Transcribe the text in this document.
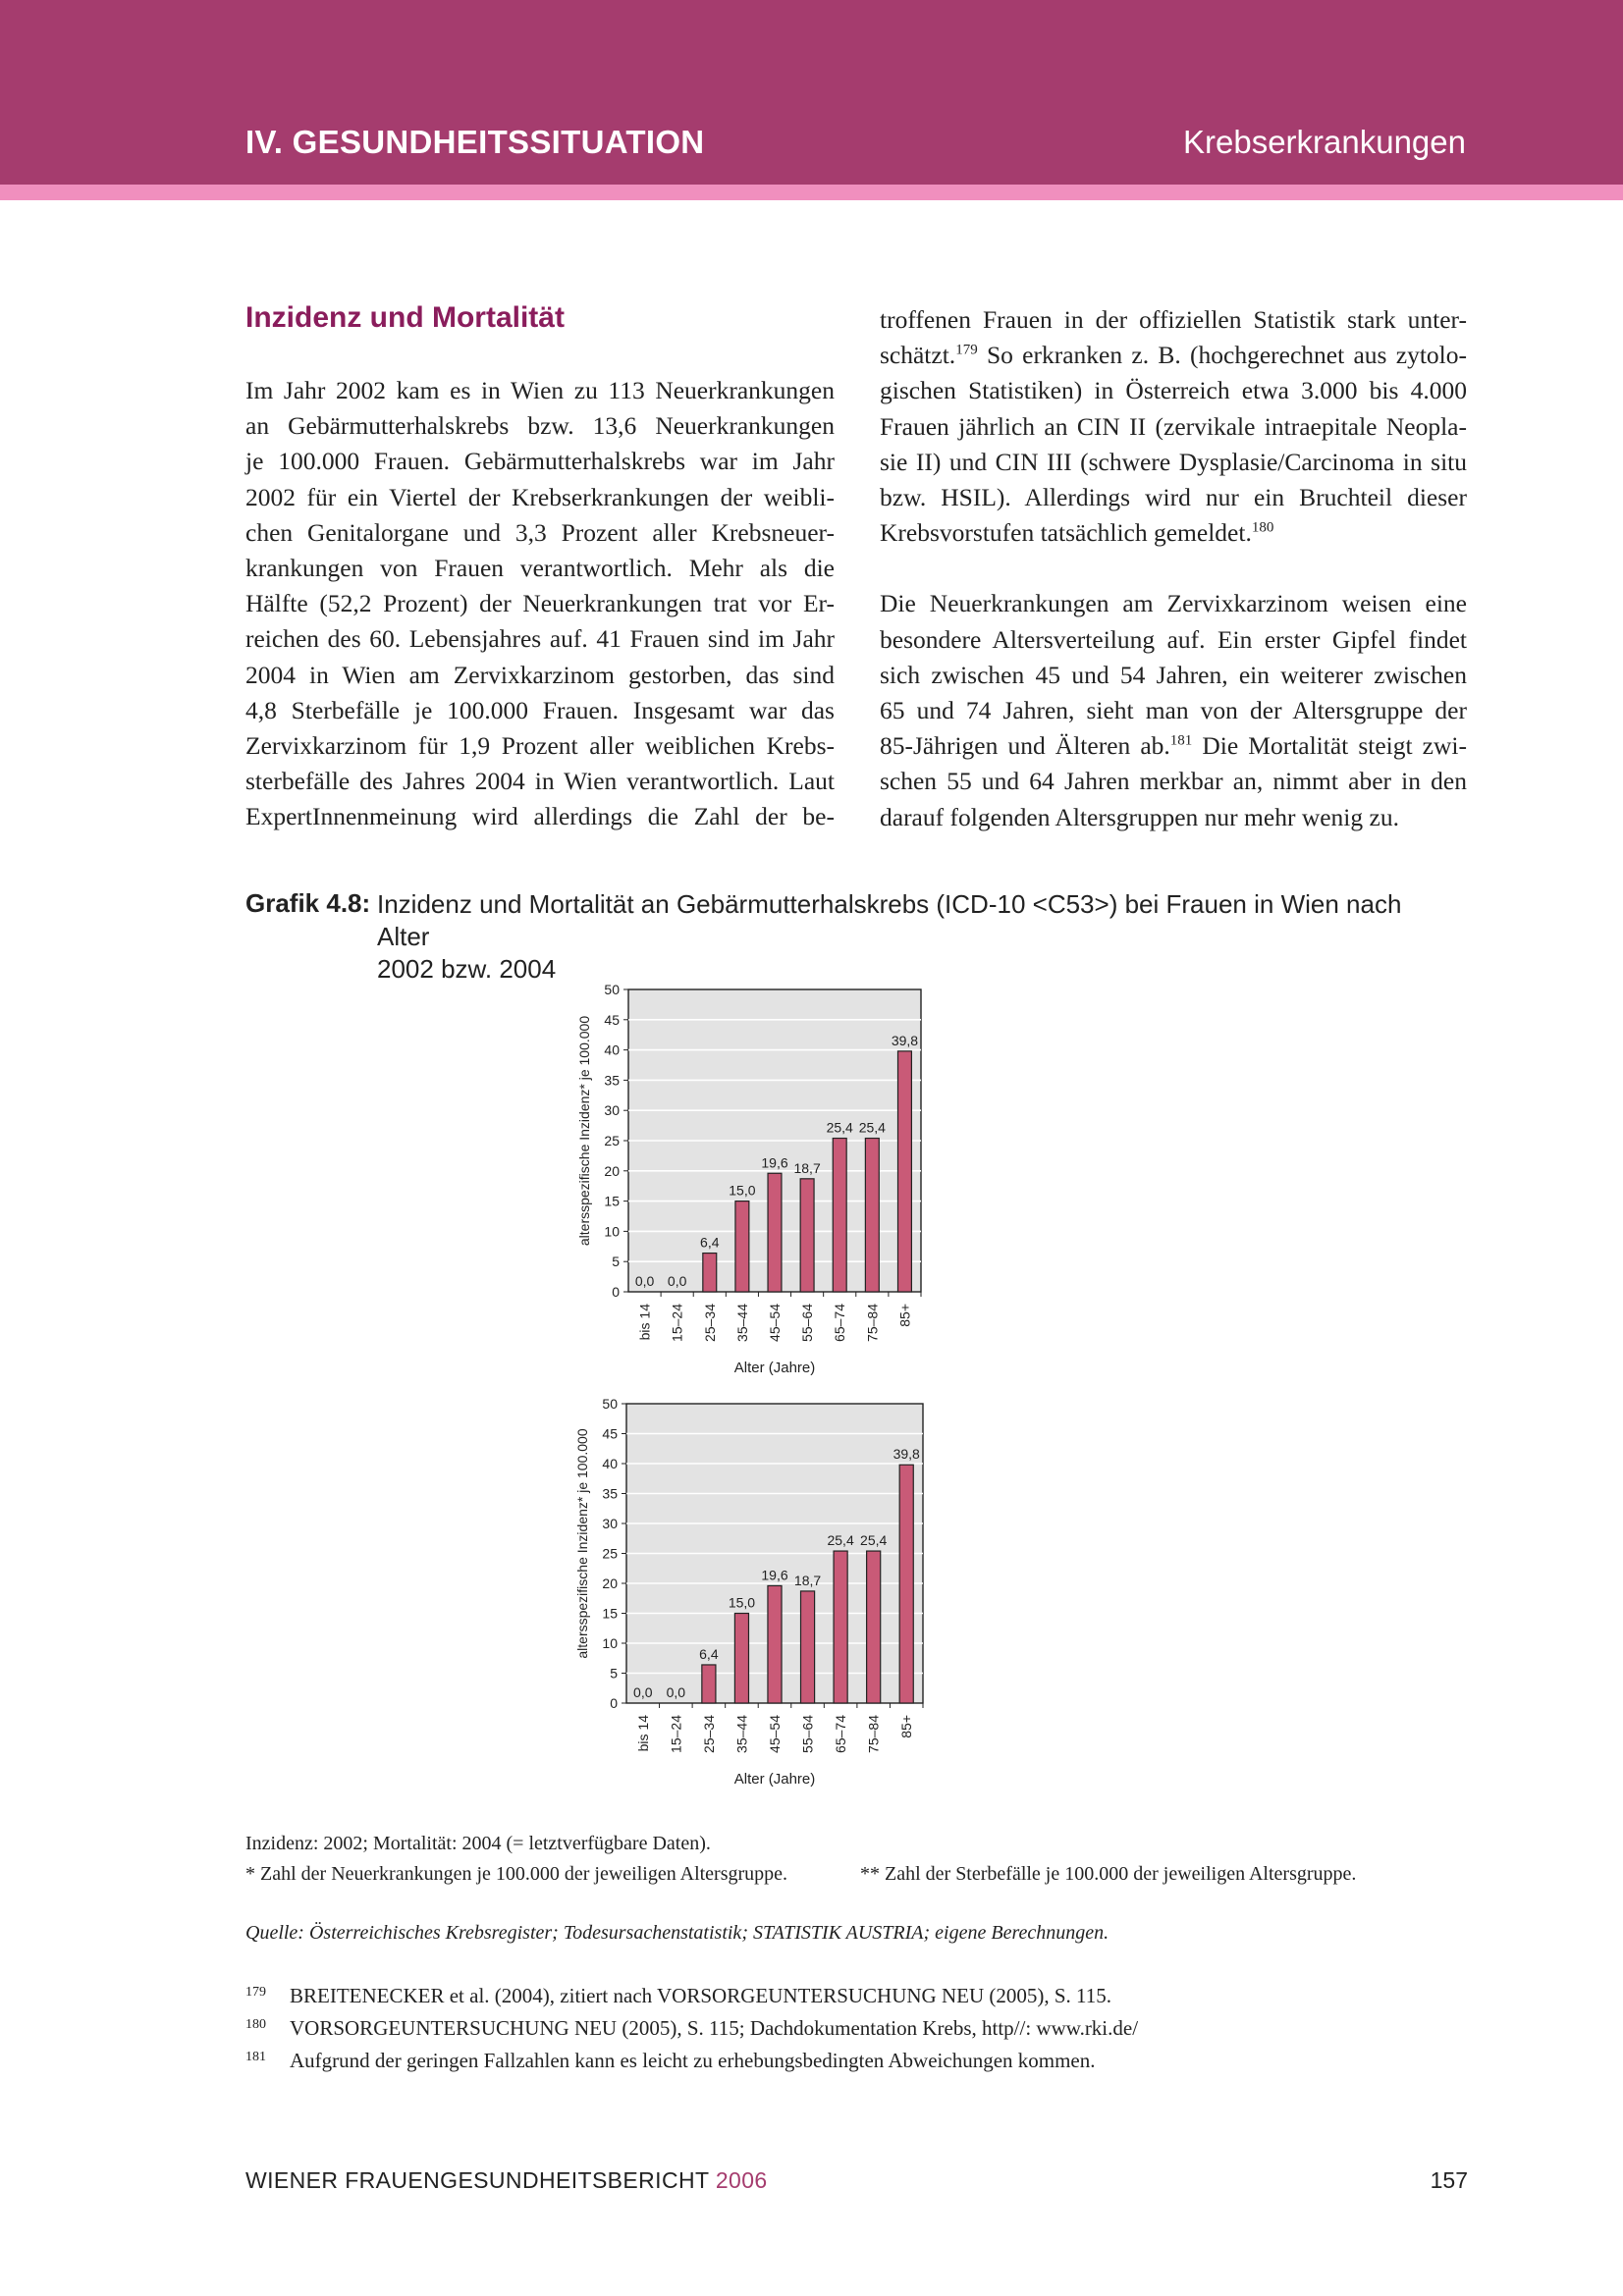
IV. GESUNDHEITSSITUATION	Krebserkrankungen
Inzidenz und Mortalität
Im Jahr 2002 kam es in Wien zu 113 Neuerkrankungen
an Gebärmutterhalskrebs bzw. 13,6 Neuerkrankungen
je 100.000 Frauen. Gebärmutterhalskrebs war im Jahr
2002 für ein Viertel der Krebserkrankungen der weibli-
chen Genitalorgane und 3,3 Prozent aller Krebsneuer-
krankungen von Frauen verantwortlich. Mehr als die
Hälfte (52,2 Prozent) der Neuerkrankungen trat vor Er-
reichen des 60. Lebensjahres auf. 41 Frauen sind im Jahr
2004 in Wien am Zervixkarzinom gestorben, das sind
4,8 Sterbefälle je 100.000 Frauen. Insgesamt war das
Zervixkarzinom für 1,9 Prozent aller weiblichen Krebs-
sterbefälle des Jahres 2004 in Wien verantwortlich. Laut
ExpertInnenmeinung wird allerdings die Zahl der be-
troffenen Frauen in der offiziellen Statistik stark unter-
schätzt.$^{179}$ So erkranken z. B. (hochgerechnet aus zytolo-
gischen Statistiken) in Österreich etwa 3.000 bis 4.000
Frauen jährlich an CIN II (zervikale intraepitale Neopla-
sie II) und CIN III (schwere Dysplasie/Carcinoma in situ
bzw. HSIL). Allerdings wird nur ein Bruchteil dieser
Krebsvorstufen tatsächlich gemeldet.$^{180}$
Die Neuerkrankungen am Zervixkarzinom weisen eine
besondere Altersverteilung auf. Ein erster Gipfel findet
sich zwischen 45 und 54 Jahren, ein weiterer zwischen
65 und 74 Jahren, sieht man von der Altersgruppe der
85-Jährigen und Älteren ab.$^{181}$ Die Mortalität steigt zwi-
schen 55 und 64 Jahren merkbar an, nimmt aber in den
darauf folgenden Altersgruppen nur mehr wenig zu.
Grafik 4.8: Inzidenz und Mortalität an Gebärmutterhalskrebs (ICD-10 <C53>) bei Frauen in Wien nach Alter
2002 bzw. 2004
0
5
10
15
20
25
30
35
40
45
50
0,0
bis 14
0,0
15–24
6,4
25–34
15,0
35–44
19,6
45–54
18,7
55–64
25,4
65–74
25,4
75–84
39,8
85+
Alter (Jahre)
altersspezifische Inzidenz* je 100.000
0
5
10
15
20
25
30
35
40
45
50
0,0
bis 14
0,0
15–24
6,4
25–34
15,0
35–44
19,6
45–54
18,7
55–64
25,4
65–74
25,4
75–84
39,8
85+
Alter (Jahre)
altersspezifische Inzidenz* je 100.000
Inzidenz: 2002; Mortalität: 2004 (= letztverfügbare Daten).
* Zahl der Neuerkrankungen je 100.000 der jeweiligen Altersgruppe.	** Zahl der Sterbefälle je 100.000 der jeweiligen Altersgruppe.
Quelle: Österreichisches Krebsregister; Todesursachenstatistik; STATISTIK AUSTRIA; eigene Berechnungen.
179 BREITENECKER et al. (2004), zitiert nach VORSORGEUNTERSUCHUNG NEU (2005), S. 115.
180 VORSORGEUNTERSUCHUNG NEU (2005), S. 115; Dachdokumentation Krebs, http//: www.rki.de/
181 Aufgrund der geringen Fallzahlen kann es leicht zu erhebungsbedingten Abweichungen kommen.
WIENER FRAUENGESUNDHEITSBERICHT 2006	157
